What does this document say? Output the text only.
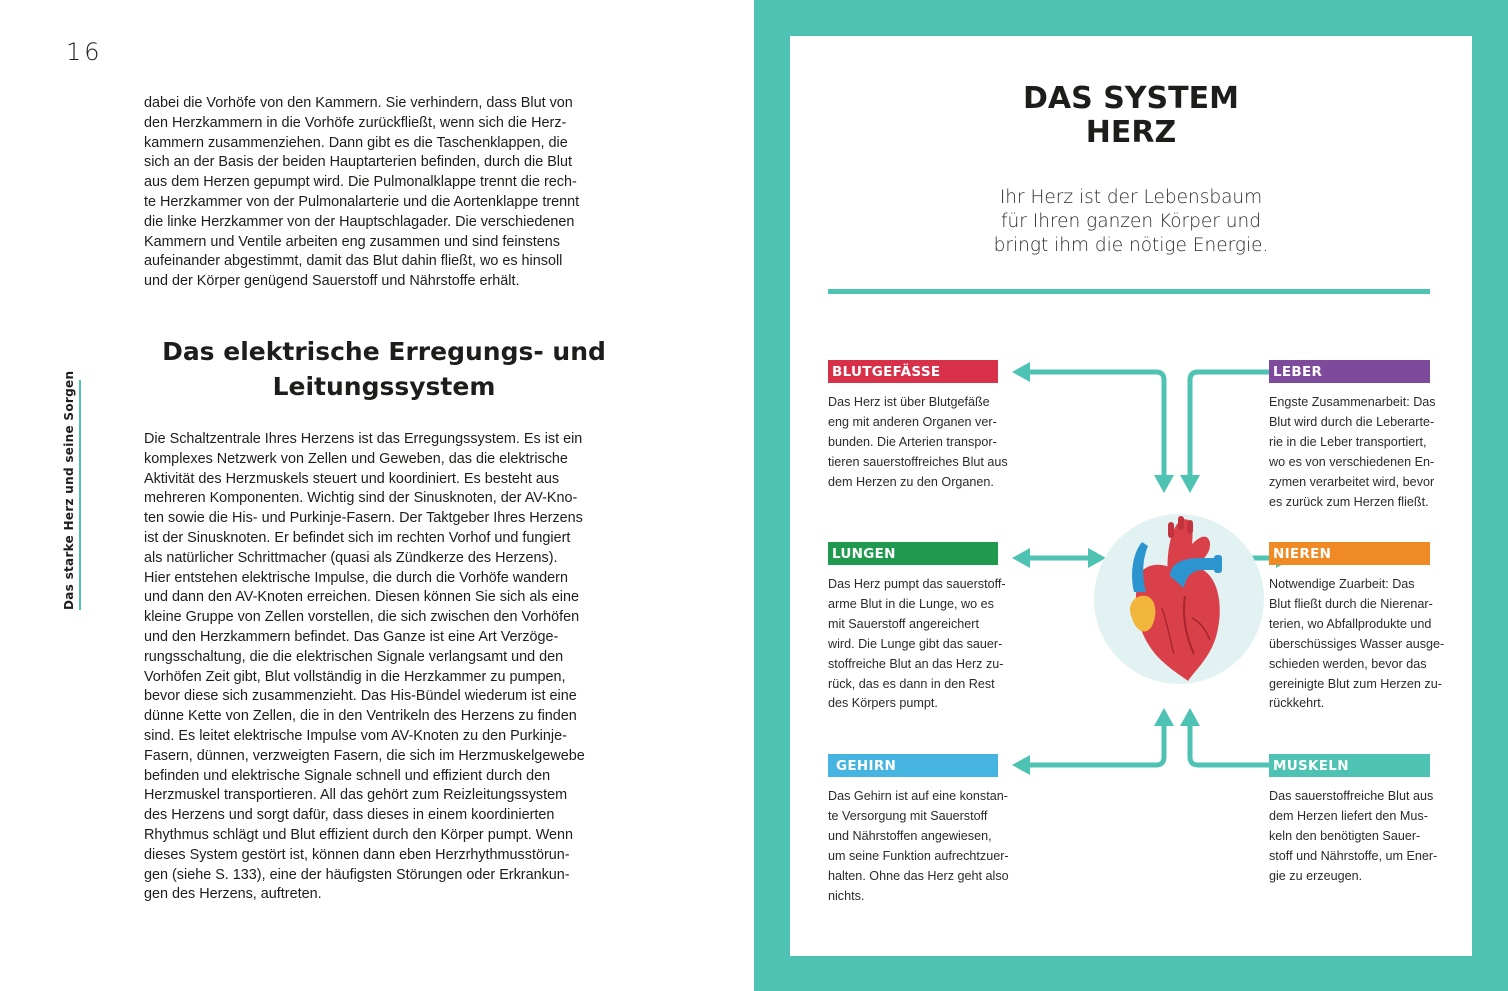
16
Das starke Herz und seine Sorgen

dabei die Vorhöfe von den Kammern. Sie verhindern, dass Blut von
den Herzkammern in die Vorhöfe zurückfließt, wenn sich die Herz-
kammern zusammenziehen. Dann gibt es die Taschenklappen, die
sich an der Basis der beiden Hauptarterien befinden, durch die Blut
aus dem Herzen gepumpt wird. Die Pulmonalklappe trennt die rech-
te Herzkammer von der Pulmonalarterie und die Aortenklappe trennt
die linke Herzkammer von der Hauptschlagader. Die verschiedenen
Kammern und Ventile arbeiten eng zusammen und sind feinstens
aufeinander abgestimmt, damit das Blut dahin fließt, wo es hinsoll
und der Körper genügend Sauerstoff und Nährstoffe erhält.

Das elektrische Erregungs- und
Leitungssystem

Die Schaltzentrale Ihres Herzens ist das Erregungssystem. Es ist ein
komplexes Netzwerk von Zellen und Geweben, das die elektrische
Aktivität des Herzmuskels steuert und koordiniert. Es besteht aus
mehreren Komponenten. Wichtig sind der Sinusknoten, der AV-Kno-
ten sowie die His- und Purkinje-Fasern. Der Taktgeber Ihres Herzens
ist der Sinusknoten. Er befindet sich im rechten Vorhof und fungiert
als natürlicher Schrittmacher (quasi als Zündkerze des Herzens).
Hier entstehen elektrische Impulse, die durch die Vorhöfe wandern
und dann den AV-Knoten erreichen. Diesen können Sie sich als eine
kleine Gruppe von Zellen vorstellen, die sich zwischen den Vorhöfen
und den Herzkammern befindet. Das Ganze ist eine Art Verzöge-
rungsschaltung, die die elektrischen Signale verlangsamt und den
Vorhöfen Zeit gibt, Blut vollständig in die Herzkammer zu pumpen,
bevor diese sich zusammenzieht. Das His-Bündel wiederum ist eine
dünne Kette von Zellen, die in den Ventrikeln des Herzens zu finden
sind. Es leitet elektrische Impulse vom AV-Knoten zu den Purkinje-
Fasern, dünnen, verzweigten Fasern, die sich im Herzmuskelgewebe
befinden und elektrische Signale schnell und effizient durch den
Herzmuskel transportieren. All das gehört zum Reizleitungssystem
des Herzens und sorgt dafür, dass dieses in einem koordinierten
Rhythmus schlägt und Blut effizient durch den Körper pumpt. Wenn
dieses System gestört ist, können dann eben Herzrhythmusstörun-
gen (siehe S. 133), eine der häufigsten Störungen oder Erkrankun-
gen des Herzens, auftreten.

DAS SYSTEM
HERZ
Ihr Herz ist der Lebensbaum
für Ihren ganzen Körper und
bringt ihm die nötige Energie.
BLUTGEFÄSSE
Das Herz ist über Blutgefäße
eng mit anderen Organen ver-
bunden. Die Arterien transpor-
tieren sauerstoffreiches Blut aus
dem Herzen zu den Organen.
LEBER
Engste Zusammenarbeit: Das
Blut wird durch die Leberarte-
rie in die Leber transportiert,
wo es von verschiedenen En-
zymen verarbeitet wird, bevor
es zurück zum Herzen fließt.
LUNGEN
Das Herz pumpt das sauerstoff-
arme Blut in die Lunge, wo es
mit Sauerstoff angereichert
wird. Die Lunge gibt das sauer-
stoffreiche Blut an das Herz zu-
rück, das es dann in den Rest
des Körpers pumpt.
NIEREN
Notwendige Zuarbeit: Das
Blut fließt durch die Nierenar-
terien, wo Abfallprodukte und
überschüssiges Wasser ausge-
schieden werden, bevor das
gereinigte Blut zum Herzen zu-
rückkehrt.
GEHIRN
Das Gehirn ist auf eine konstan-
te Versorgung mit Sauerstoff
und Nährstoffen angewiesen,
um seine Funktion aufrechtzuer-
halten. Ohne das Herz geht also
nichts.
MUSKELN
Das sauerstoffreiche Blut aus
dem Herzen liefert den Mus-
keln den benötigten Sauer-
stoff und Nährstoffe, um Ener-
gie zu erzeugen.
